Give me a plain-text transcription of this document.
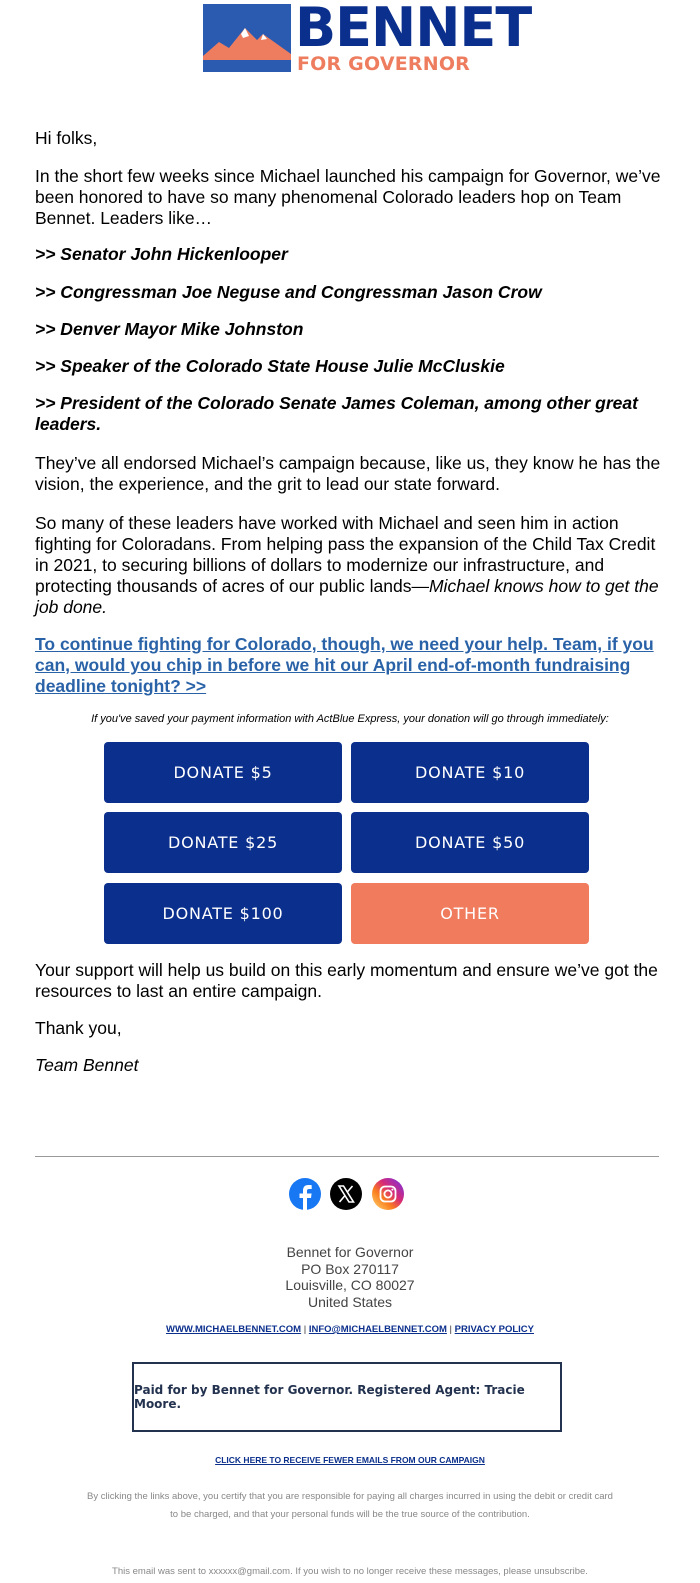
BENNET
FOR GOVERNOR

Hi folks,

In the short few weeks since Michael launched his campaign for Governor, we’ve been honored to have so many phenomenal Colorado leaders hop on Team Bennet. Leaders like…

>> Senator John Hickenlooper

>> Congressman Joe Neguse and Congressman Jason Crow

>> Denver Mayor Mike Johnston

>> Speaker of the Colorado State House Julie McCluskie

>> President of the Colorado Senate James Coleman, among other great leaders.

They’ve all endorsed Michael’s campaign because, like us, they know he has the vision, the experience, and the grit to lead our state forward.

So many of these leaders have worked with Michael and seen him in action fighting for Coloradans. From helping pass the expansion of the Child Tax Credit in 2021, to securing billions of dollars to modernize our infrastructure, and protecting thousands of acres of our public lands—Michael knows how to get the job done.

To continue fighting for Colorado, though, we need your help. Team, if you can, would you chip in before we hit our April end-of-month fundraising deadline tonight? >>
If you've saved your payment information with ActBlue Express, your donation will go through immediately:
DONATE $5	DONATE $10
DONATE $25	DONATE $50
DONATE $100	OTHER

Your support will help us build on this early momentum and ensure we’ve got the resources to last an entire campaign.

Thank you,

Team Bennet

Bennet for Governor
PO Box 270117
Louisville, CO 80027
United States
WWW.MICHAELBENNET.COM | INFO@MICHAELBENNET.COM | PRIVACY POLICY
Paid for by Bennet for Governor. Registered Agent: Tracie Moore.
CLICK HERE TO RECEIVE FEWER EMAILS FROM OUR CAMPAIGN
By clicking the links above, you certify that you are responsible for paying all charges incurred in using the debit or credit card to be charged, and that your personal funds will be the true source of the contribution.
This email was sent to xxxxxx@gmail.com. If you wish to no longer receive these messages, please unsubscribe.
